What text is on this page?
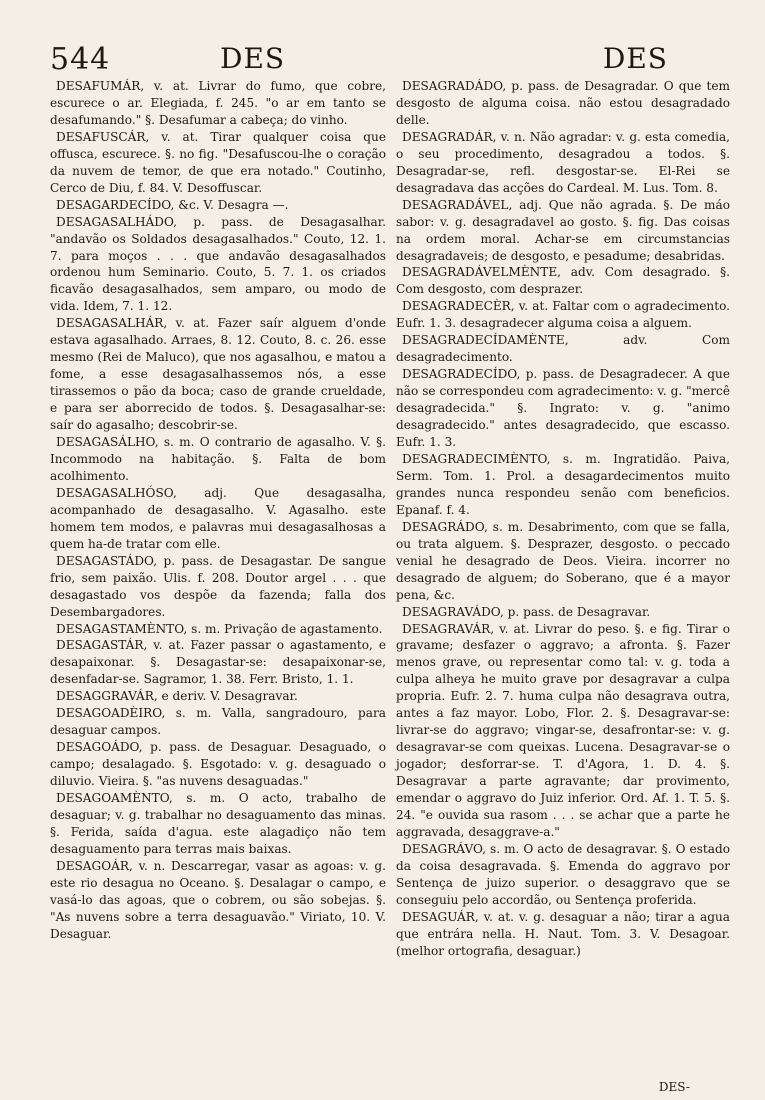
544	DES	DES

DESAFUMÁR, v. at. Livrar do fumo, que cobre, escurece o ar. Elegiada, f. 245. "o ar em tanto se desafumando." §. Desafumar a cabeça; do vinho.

DESAFUSCÁR, v. at. Tirar qualquer coisa que offusca, escurece. §. no fig. "Desafuscou-lhe o coração da nuvem de temor, de que era notado." Coutinho, Cerco de Diu, f. 84. V. Desoffuscar.

DESAGARDECÍDO, &c. V. Desagra —.

DESAGASALHÁDO, p. pass. de Desagasalhar. "andavão os Soldados desagasalhados." Couto, 12. 1. 7. para moços . . . que andavão desagasalhados ordenou hum Seminario. Couto, 5. 7. 1. os criados ficavão desagasalhados, sem amparo, ou modo de vida. Idem, 7. 1. 12.

DESAGASALHÁR, v. at. Fazer saír alguem d'onde estava agasalhado. Arraes, 8. 12. Couto, 8. c. 26. esse mesmo (Rei de Maluco), que nos agasalhou, e matou a fome, a esse desagasalhassemos nós, a esse tirassemos o pão da boca; caso de grande crueldade, e para ser aborrecido de todos. §. Desagasalhar-se: saír do agasalho; descobrir-se.

DESAGASÁLHO, s. m. O contrario de agasalho. V. §. Incommodo na habitação. §. Falta de bom acolhimento.

DESAGASALHÓSO, adj. Que desagasalha, acompanhado de desagasalho. V. Agasalho. este homem tem modos, e palavras mui desagasalhosas a quem ha-de tratar com elle.

DESAGASTÁDO, p. pass. de Desagastar. De sangue frio, sem paixão. Ulis. f. 208. Doutor argel . . . que desagastado vos despõe da fazenda; falla dos Desembargadores.

DESAGASTAMÈNTO, s. m. Privação de agastamento.

DESAGASTÁR, v. at. Fazer passar o agastamento, e desapaixonar. §. Desagastar-se: desapaixonar-se, desenfadar-se. Sagramor, 1. 38. Ferr. Bristo, 1. 1.

DESAGGRAVÁR, e deriv. V. Desagravar.

DESAGOADÈIRO, s. m. Valla, sangradouro, para desaguar campos.

DESAGOÁDO, p. pass. de Desaguar. Desaguado, o campo; desalagado. §. Esgotado: v. g. desaguado o diluvio. Vieira. §. "as nuvens desaguadas."

DESAGOAMÈNTO, s. m. O acto, trabalho de desaguar; v. g. trabalhar no desaguamento das minas. §. Ferida, saída d'agua. este alagadiço não tem desaguamento para terras mais baixas.

DESAGOÁR, v. n. Descarregar, vasar as agoas: v. g. este rio desagua no Oceano. §. Desalagar o campo, e vasá-lo das agoas, que o cobrem, ou são sobejas. §. "As nuvens sobre a terra desaguavão." Viriato, 10. V. Desaguar.

DESAGRADÁDO, p. pass. de Desagradar. O que tem desgosto de alguma coisa. não estou desagradado delle.

DESAGRADÁR, v. n. Não agradar: v. g. esta comedia, o seu procedimento, desagradou a todos. §. Desagradar-se, refl. desgostar-se. El-Rei se desagradava das acções do Cardeal. M. Lus. Tom. 8.

DESAGRADÁVEL, adj. Que não agrada. §. De máo sabor: v. g. desagradavel ao gosto. §. fig. Das coisas na ordem moral. Achar-se em circumstancias desagradaveis; de desgosto, e pesadume; desabridas.

DESAGRADÁVELMÈNTE, adv. Com desagrado. §. Com desgosto, com desprazer.

DESAGRADECÈR, v. at. Faltar com o agradecimento. Eufr. 1. 3. desagradecer alguma coisa a alguem.

DESAGRADECÍDAMÈNTE, adv. Com desagradecimento.

DESAGRADECÍDO, p. pass. de Desagradecer. A que não se correspondeu com agradecimento: v. g. "mercê desagradecida." §. Ingrato: v. g. "animo desagradecido." antes desagradecido, que escasso. Eufr. 1. 3.

DESAGRADECIMÈNTO, s. m. Ingratidão. Paiva, Serm. Tom. 1. Prol. a desagardecimentos muito grandes nunca respondeu senão com beneficios. Epanaf. f. 4.

DESAGRÁDO, s. m. Desabrimento, com que se falla, ou trata alguem. §. Desprazer, desgosto. o peccado venial he desagrado de Deos. Vieira. incorrer no desagrado de alguem; do Soberano, que é a mayor pena, &c.

DESAGRAVÁDO, p. pass. de Desagravar.

DESAGRAVÁR, v. at. Livrar do peso. §. e fig. Tirar o gravame; desfazer o aggravo; a afronta. §. Fazer menos grave, ou representar como tal: v. g. toda a culpa alheya he muito grave por desagravar a culpa propria. Eufr. 2. 7. huma culpa não desagrava outra, antes a faz mayor. Lobo, Flor. 2. §. Desagravar-se: livrar-se do aggravo; vingar-se, desafrontar-se: v. g. desagravar-se com queixas. Lucena. Desagravar-se o jogador; desforrar-se. T. d'Agora, 1. D. 4. §. Desagravar a parte agravante; dar provimento, emendar o aggravo do Juiz inferior. Ord. Af. 1. T. 5. §. 24. "e ouvida sua rasom . . . se achar que a parte he aggravada, desaggrave-a."

DESAGRÁVO, s. m. O acto de desagravar. §. O estado da coisa desagravada. §. Emenda do aggravo por Sentença de juizo superior. o desaggravo que se conseguiu pelo accordão, ou Sentença proferida.

DESAGUÁR, v. at. v. g. desaguar a não; tirar a agua que entrára nella. H. Naut. Tom. 3. V. Desagoar. (melhor ortografia, desaguar.)

DES-
